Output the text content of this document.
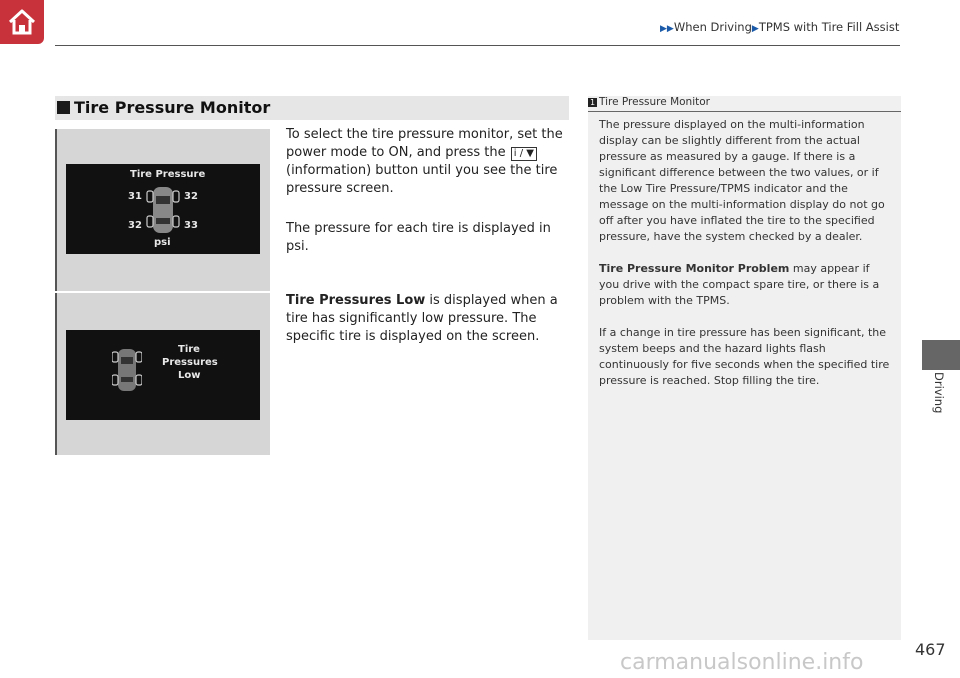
▶▶When Driving▶TPMS with Tire Fill Assist
Driving
Tire Pressure Monitor
Tire Pressure
31	32
32	33
psi
Tire
Pressures
Low
To select the tire pressure monitor, set the power mode to ON, and press the i / ▼ (information) button until you see the tire pressure screen.
The pressure for each tire is displayed in psi.
Tire Pressures Low is displayed when a tire has significantly low pressure. The specific tire is displayed on the screen.
1 Tire Pressure Monitor

The pressure displayed on the multi-information display can be slightly different from the actual pressure as measured by a gauge. If there is a significant difference between the two values, or if the Low Tire Pressure/TPMS indicator and the message on the multi-information display do not go off after you have inflated the tire to the specified pressure, have the system checked by a dealer.

Tire Pressure Monitor Problem may appear if you drive with the compact spare tire, or there is a problem with the TPMS.

If a change in tire pressure has been significant, the system beeps and the hazard lights flash continuously for five seconds when the specified tire pressure is reached. Stop filling the tire.

467
carmanualsonline.info
